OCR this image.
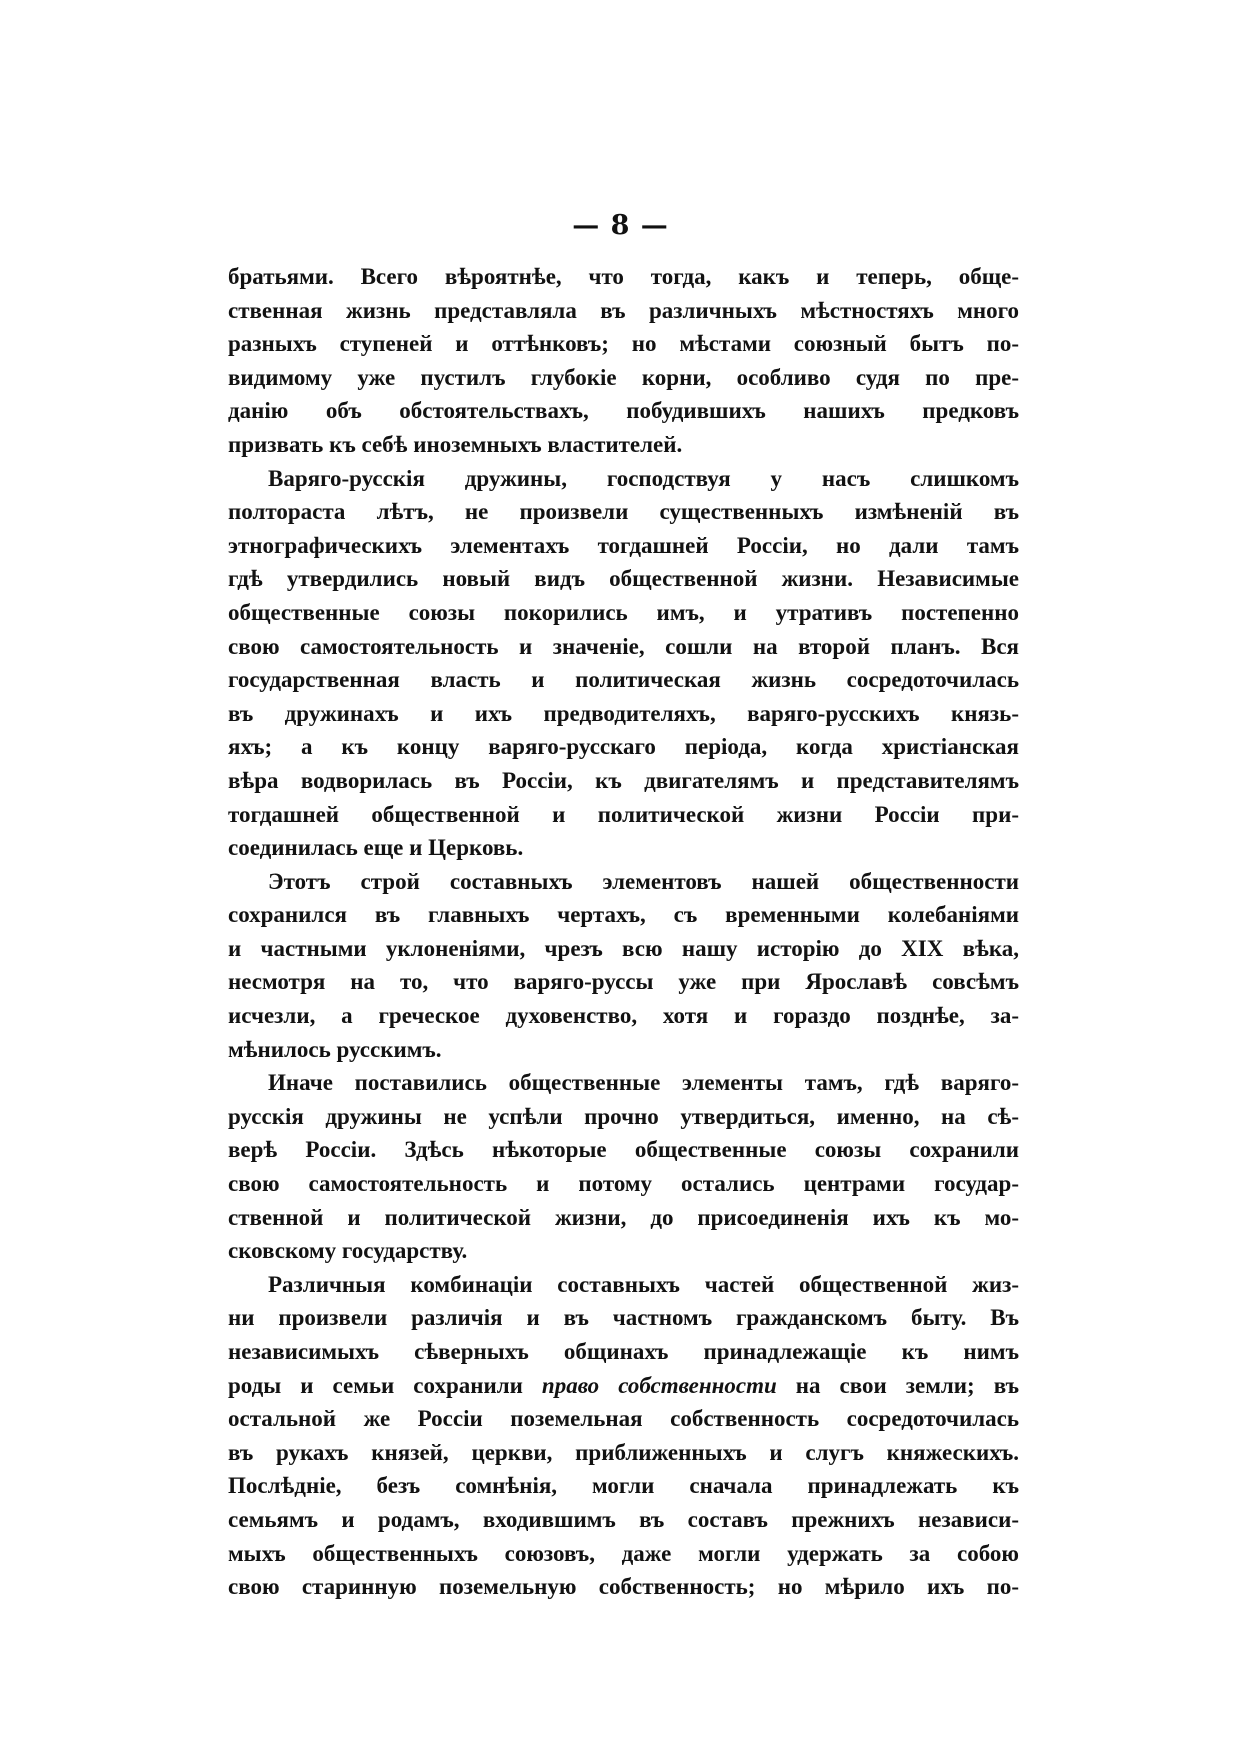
— 8 —
братьями. Всего вѣроятнѣе, что тогда, какъ и теперь, обще-
ственная жизнь представляла въ различныхъ мѣстностяхъ много
разныхъ ступеней и оттѣнковъ; но мѣстами союзный бытъ по-
видимому уже пустилъ глубокіе корни, особливо судя по пре-
данію объ обстоятельствахъ, побудившихъ нашихъ предковъ
призвать къ себѣ иноземныхъ властителей.
Варяго-русскія дружины, господствуя у насъ слишкомъ
полтораста лѣтъ, не произвели существенныхъ измѣненій въ
этнографическихъ элементахъ тогдашней Россіи, но дали тамъ
гдѣ утвердились новый видъ общественной жизни. Независимые
общественные союзы покорились имъ, и утративъ постепенно
свою самостоятельность и значеніе, сошли на второй планъ. Вся
государственная власть и политическая жизнь сосредоточилась
въ дружинахъ и ихъ предводителяхъ, варяго-русскихъ князь-
яхъ; а къ концу варяго-русскаго періода, когда христіанская
вѣра водворилась въ Россіи, къ двигателямъ и представителямъ
тогдашней общественной и политической жизни Россіи при-
соединилась еще и Церковь.
Этотъ строй составныхъ элементовъ нашей общественности
сохранился въ главныхъ чертахъ, съ временными колебаніями
и частными уклоненіями, чрезъ всю нашу исторію до XIX вѣка,
несмотря на то, что варяго-руссы уже при Ярославѣ совсѣмъ
исчезли, а греческое духовенство, хотя и гораздо позднѣе, за-
мѣнилось русскимъ.
Иначе поставились общественные элементы тамъ, гдѣ варяго-
русскія дружины не успѣли прочно утвердиться, именно, на сѣ-
верѣ Россіи. Здѣсь нѣкоторые общественные союзы сохранили
свою самостоятельность и потому остались центрами государ-
ственной и политической жизни, до присоединенія ихъ къ мо-
сковскому государству.
Различныя комбинаціи составныхъ частей общественной жиз-
ни произвели различія и въ частномъ гражданскомъ быту. Въ
независимыхъ сѣверныхъ общинахъ принадлежащіе къ нимъ
роды и семьи сохранили право собственности на свои земли; въ
остальной же Россіи поземельная собственность сосредоточилась
въ рукахъ князей, церкви, приближенныхъ и слугъ княжескихъ.
Послѣдніе, безъ сомнѣнія, могли сначала принадлежать къ
семьямъ и родамъ, входившимъ въ составъ прежнихъ независи-
мыхъ общественныхъ союзовъ, даже могли удержать за собою
свою старинную поземельную собственность; но мѣрило ихъ по-
